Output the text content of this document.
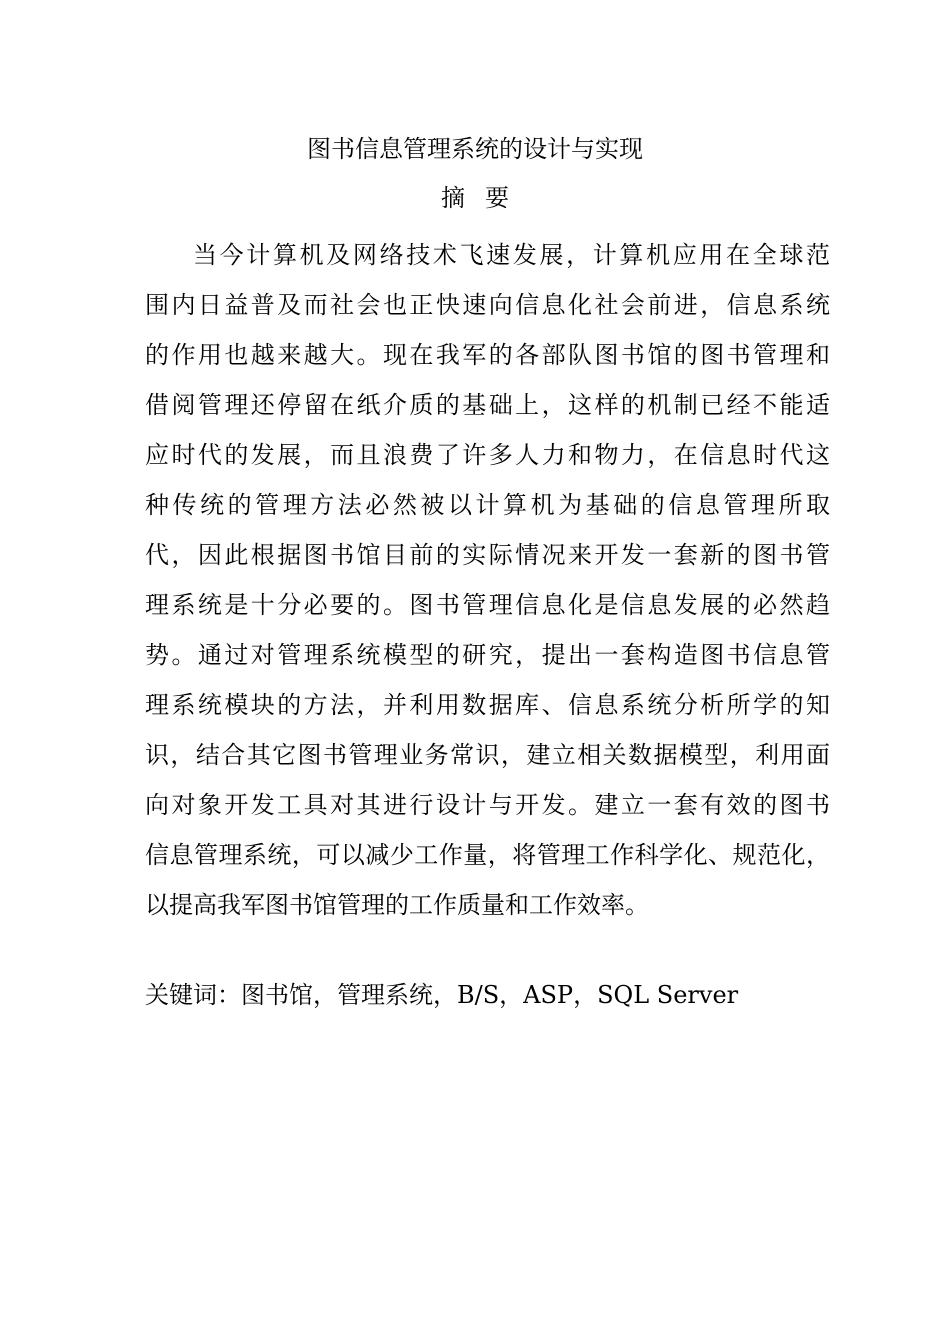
图书信息管理系统的设计与实现
摘要
当今计算机及网络技术飞速发展，计算机应用在全球范
围内日益普及而社会也正快速向信息化社会前进，信息系统
的作用也越来越大。现在我军的各部队图书馆的图书管理和
借阅管理还停留在纸介质的基础上，这样的机制已经不能适
应时代的发展，而且浪费了许多人力和物力，在信息时代这
种传统的管理方法必然被以计算机为基础的信息管理所取
代，因此根据图书馆目前的实际情况来开发一套新的图书管
理系统是十分必要的。图书管理信息化是信息发展的必然趋
势。通过对管理系统模型的研究，提出一套构造图书信息管
理系统模块的方法，并利用数据库、信息系统分析所学的知
识，结合其它图书管理业务常识，建立相关数据模型，利用面
向对象开发工具对其进行设计与开发。建立一套有效的图书
信息管理系统，可以减少工作量，将管理工作科学化、规范化，
以提高我军图书馆管理的工作质量和工作效率。
关键词：图书馆，管理系统，B/S，ASP，SQL Server
